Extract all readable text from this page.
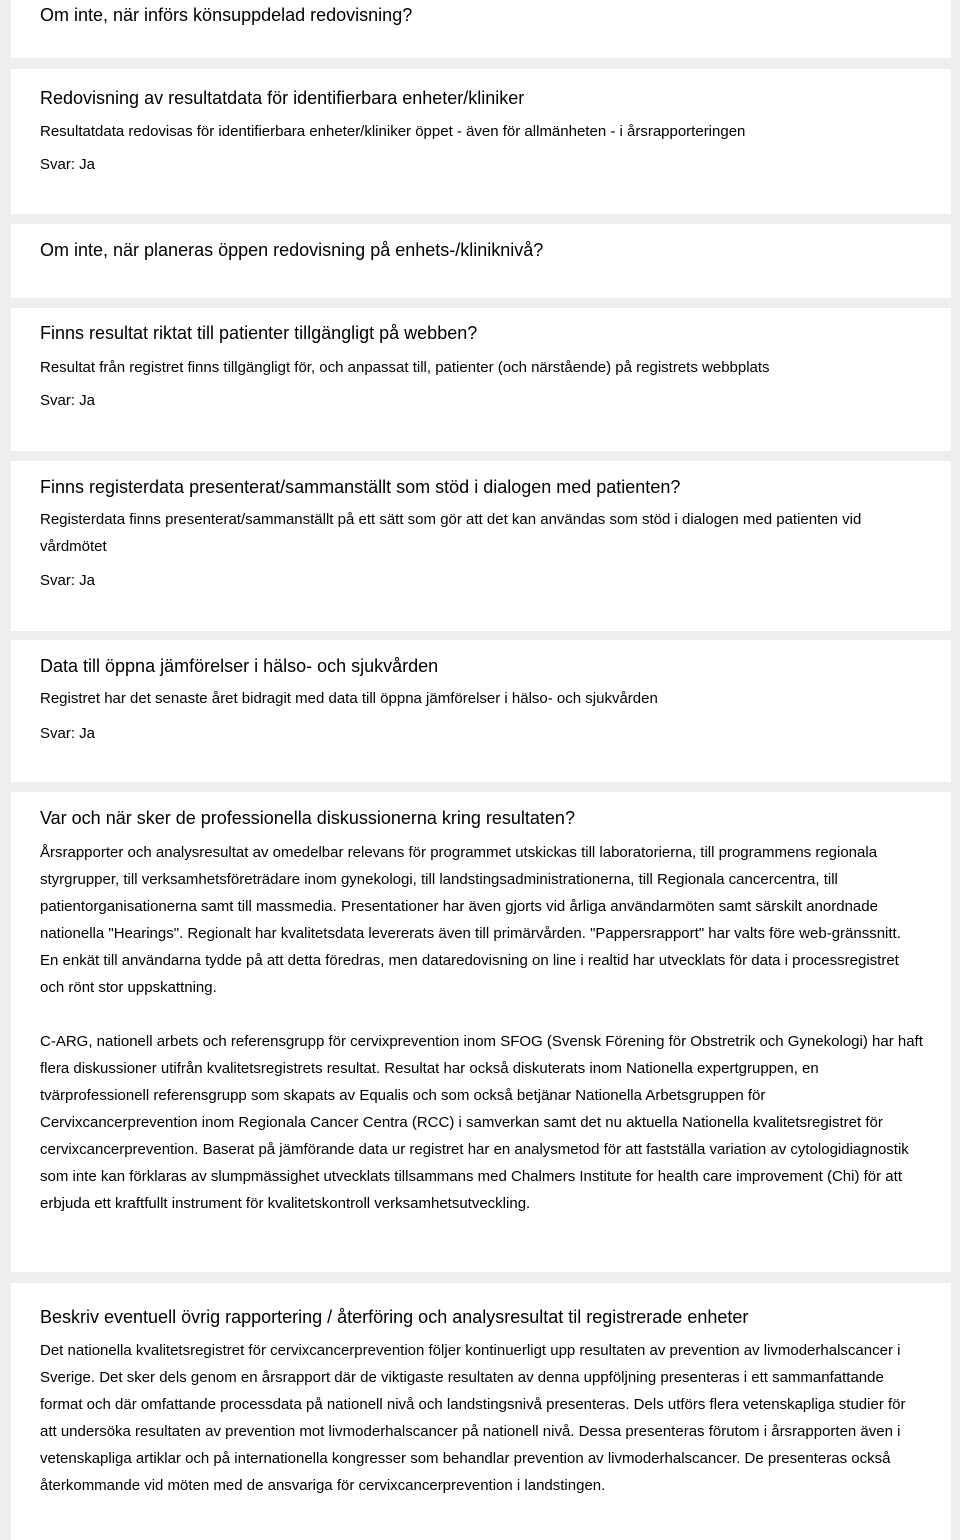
Om inte, när införs könsuppdelad redovisning?
Redovisning av resultatdata för identifierbara enheter/kliniker

Resultatdata redovisas för identifierbara enheter/kliniker öppet - även för allmänheten - i årsrapporteringen

Svar: Ja

Om inte, när planeras öppen redovisning på enhets-/kliniknivå?
Finns resultat riktat till patienter tillgängligt på webben?

Resultat från registret finns tillgängligt för, och anpassat till, patienter (och närstående) på registrets webbplats

Svar: Ja

Finns registerdata presenterat/sammanställt som stöd i dialogen med patienten?

Registerdata finns presenterat/sammanställt på ett sätt som gör att det kan användas som stöd i dialogen med patienten vid vårdmötet

Svar: Ja

Data till öppna jämförelser i hälso- och sjukvården

Registret har det senaste året bidragit med data till öppna jämförelser i hälso- och sjukvården

Svar: Ja

Var och när sker de professionella diskussionerna kring resultaten?

Årsrapporter och analysresultat av omedelbar relevans för programmet utskickas till laboratorierna, till programmens regionala styrgrupper, till verksamhetsföreträdare inom gynekologi, till landstingsadministrationerna, till Regionala cancercentra, till patientorganisationerna samt till massmedia. Presentationer har även gjorts vid årliga användarmöten samt särskilt anordnade nationella "Hearings". Regionalt har kvalitetsdata levererats även till primärvården. "Pappersrapport" har valts före web-gränssnitt. En enkät till användarna tydde på att detta föredras, men dataredovisning on line i realtid har utvecklats för data i processregistret och rönt stor uppskattning.

C-ARG, nationell arbets och referensgrupp för cervixprevention inom SFOG (Svensk Förening för Obstretrik och Gynekologi) har haft flera diskussioner utifrån kvalitetsregistrets resultat. Resultat har också diskuterats inom Nationella expertgruppen, en tvärprofessionell referensgrupp som skapats av Equalis och som också betjänar Nationella Arbetsgruppen för Cervixcancerprevention inom Regionala Cancer Centra (RCC) i samverkan samt det nu aktuella Nationella kvalitetsregistret för cervixcancerprevention. Baserat på jämförande data ur registret har en analysmetod för att fastställa variation av cytologidiagnostik som inte kan förklaras av slumpmässighet utvecklats tillsammans med Chalmers Institute for health care improvement (Chi) för att erbjuda ett kraftfullt instrument för kvalitetskontroll verksamhetsutveckling.

Beskriv eventuell övrig rapportering / återföring och analysresultat til registrerade enheter

Det nationella kvalitetsregistret för cervixcancerprevention följer kontinuerligt upp resultaten av prevention av livmoderhalscancer i Sverige. Det sker dels genom en årsrapport där de viktigaste resultaten av denna uppföljning presenteras i ett sammanfattande format och där omfattande processdata på nationell nivå och landstingsnivå presenteras. Dels utförs flera vetenskapliga studier för att undersöka resultaten av prevention mot livmoderhalscancer på nationell nivå. Dessa presenteras förutom i årsrapporten även i vetenskapliga artiklar och på internationella kongresser som behandlar prevention av livmoderhalscancer. De presenteras också återkommande vid möten med de ansvariga för cervixcancerprevention i landstingen.
